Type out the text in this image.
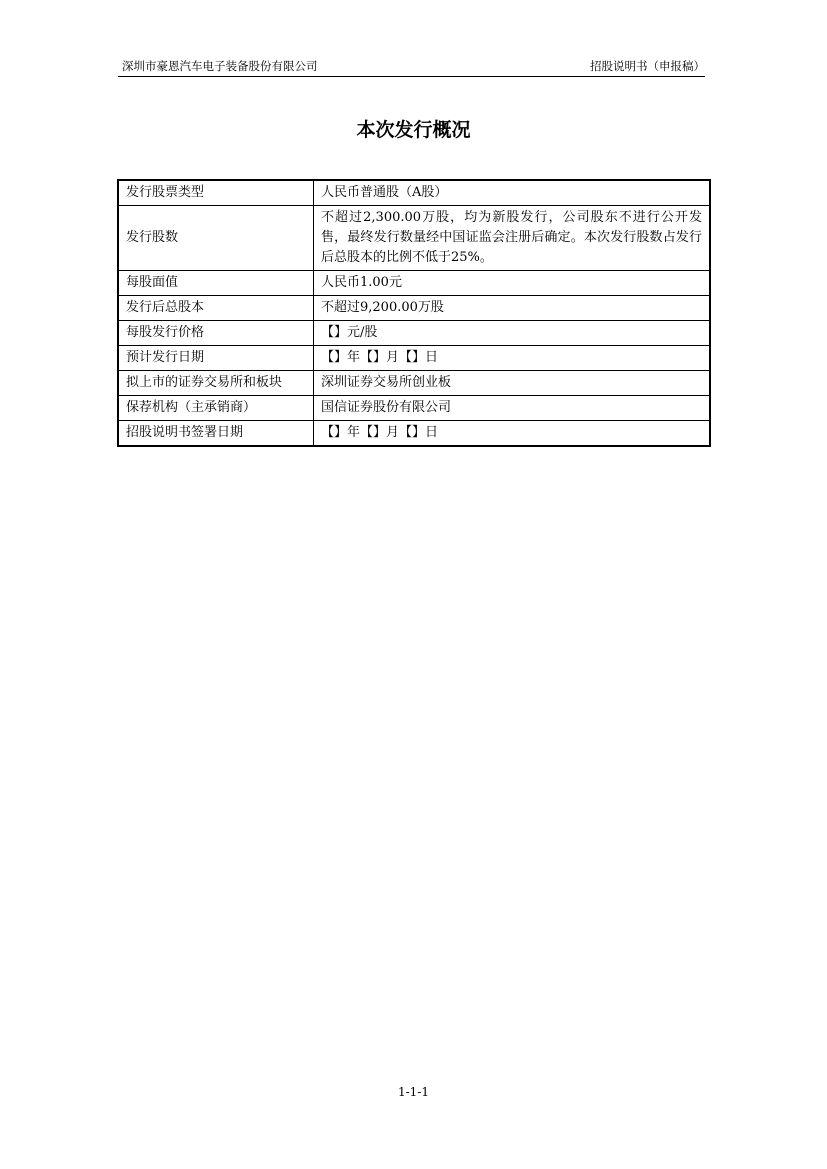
深圳市豪恩汽车电子装备股份有限公司	招股说明书（申报稿）
本次发行概况
发行股票类型	人民币普通股（A股）
发行股数	不超过2,300.00万股，均为新股发行，公司股东不进行公开发售，最终发行数量经中国证监会注册后确定。本次发行股数占发行后总股本的比例不低于25%。
每股面值	人民币1.00元
发行后总股本	不超过9,200.00万股
每股发行价格	【】元/股
预计发行日期	【】年【】月【】日
拟上市的证券交易所和板块	深圳证券交易所创业板
保荐机构（主承销商）	国信证券股份有限公司
招股说明书签署日期	【】年【】月【】日
1-1-1
